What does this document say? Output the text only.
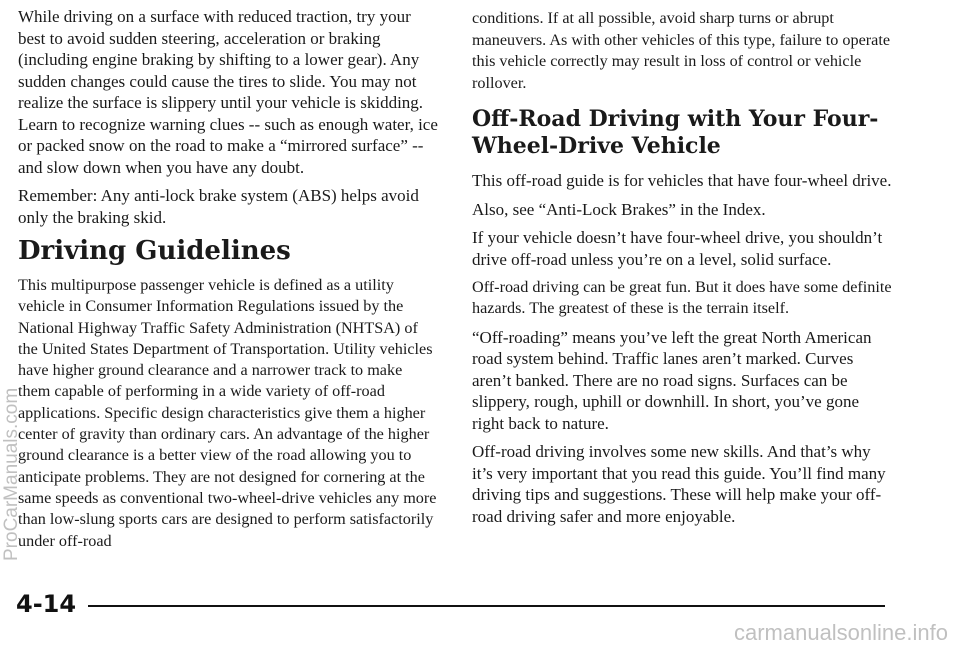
While driving on a surface with reduced traction, try your best to avoid sudden steering, acceleration or braking (including engine braking by shifting to a lower gear). Any sudden changes could cause the tires to slide. You may not realize the surface is slippery until your vehicle is skidding. Learn to recognize warning clues -- such as enough water, ice or packed snow on the road to make a “mirrored surface” -- and slow down when you have any doubt.

Remember: Any anti-lock brake system (ABS) helps avoid only the braking skid.

Driving Guidelines

This multipurpose passenger vehicle is defined as a utility vehicle in Consumer Information Regulations issued by the National Highway Traffic Safety Administration (NHTSA) of the United States Department of Transportation. Utility vehicles have higher ground clearance and a narrower track to make them capable of performing in a wide variety of off-road applications. Specific design characteristics give them a higher center of gravity than ordinary cars. An advantage of the higher ground clearance is a better view of the road allowing you to anticipate problems. They are not designed for cornering at the same speeds as conventional two-wheel-drive vehicles any more than low-slung sports cars are designed to perform satisfactorily under off-road

conditions. If at all possible, avoid sharp turns or abrupt maneuvers. As with other vehicles of this type, failure to operate this vehicle correctly may result in loss of control or vehicle rollover.

Off-Road Driving with Your Four-Wheel-Drive Vehicle

This off-road guide is for vehicles that have four-wheel drive.

Also, see “Anti-Lock Brakes” in the Index.

If your vehicle doesn’t have four-wheel drive, you shouldn’t drive off-road unless you’re on a level, solid surface.

Off-road driving can be great fun. But it does have some definite hazards. The greatest of these is the terrain itself.

“Off-roading” means you’ve left the great North American road system behind. Traffic lanes aren’t marked. Curves aren’t banked. There are no road signs. Surfaces can be slippery, rough, uphill or downhill. In short, you’ve gone right back to nature.

Off-road driving involves some new skills. And that’s why it’s very important that you read this guide. You’ll find many driving tips and suggestions. These will help make your off-road driving safer and more enjoyable.

4-14
ProCarManuals.com
carmanualsonline.info
